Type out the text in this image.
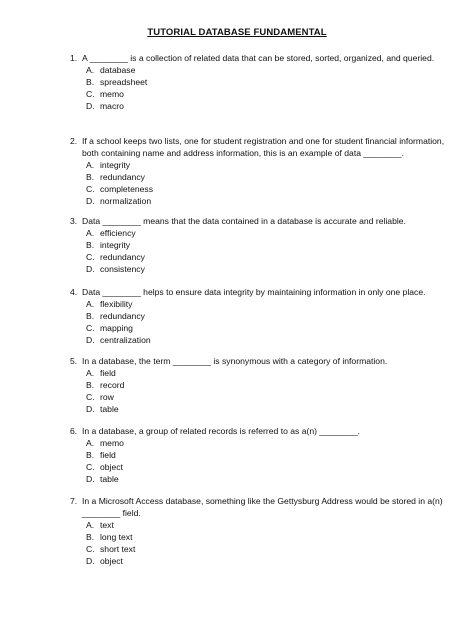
TUTORIAL DATABASE FUNDAMENTAL
1. A ________ is a collection of related data that can be stored, sorted, organized, and queried.
A. database
B. spreadsheet
C. memo
D. macro
2. If a school keeps two lists, one for student registration and one for student financial information, both containing name and address information, this is an example of data ________.
A. integrity
B. redundancy
C. completeness
D. normalization
3. Data ________ means that the data contained in a database is accurate and reliable.
A. efficiency
B. integrity
C. redundancy
D. consistency
4. Data ________ helps to ensure data integrity by maintaining information in only one place.
A. flexibility
B. redundancy
C. mapping
D. centralization
5. In a database, the term ________ is synonymous with a category of information.
A. field
B. record
C. row
D. table
6. In a database, a group of related records is referred to as a(n) ________.
A. memo
B. field
C. object
D. table
7. In a Microsoft Access database, something like the Gettysburg Address would be stored in a(n) ________ field.
A. text
B. long text
C. short text
D. object
